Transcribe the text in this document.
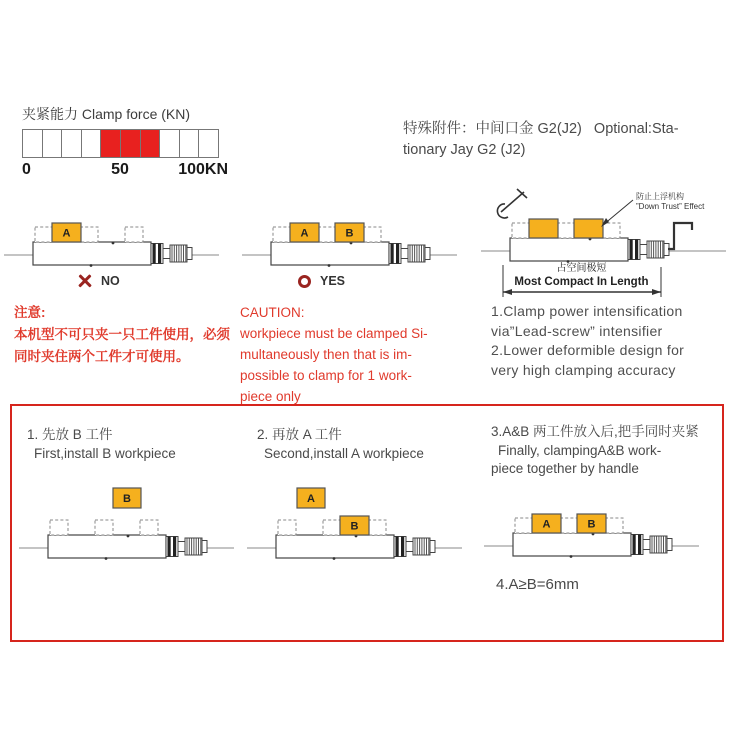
夹紧能力 Clamp force (KN)
0	50	100KN
特殊附件：中间口金 G2(J2)   Optional:Sta-
tionary Jay G2 (J2)
A	A	B
NO	YES
防止上浮机构
”Down Trust” Effect
占空间极短
Most Compact In Length
注意:
本机型不可只夹一只工件使用，必须
同时夹住两个工件才可使用。
CAUTION:
workpiece must be clamped Si-
multaneously then that is im-
possible to clamp for 1 work-
piece only
1.Clamp power intensification
via”Lead-screw” intensifier
2.Lower deformible design for
very high clamping accuracy
1. 先放 B 工件
First,install B workpiece
2. 再放 A 工件
Second,install A workpiece
3.A&B 两工件放入后,把手同时夹紧
Finally, clampingA&B work-
piece together by handle
B
B
A
A	B
4.A≥B=6mm
